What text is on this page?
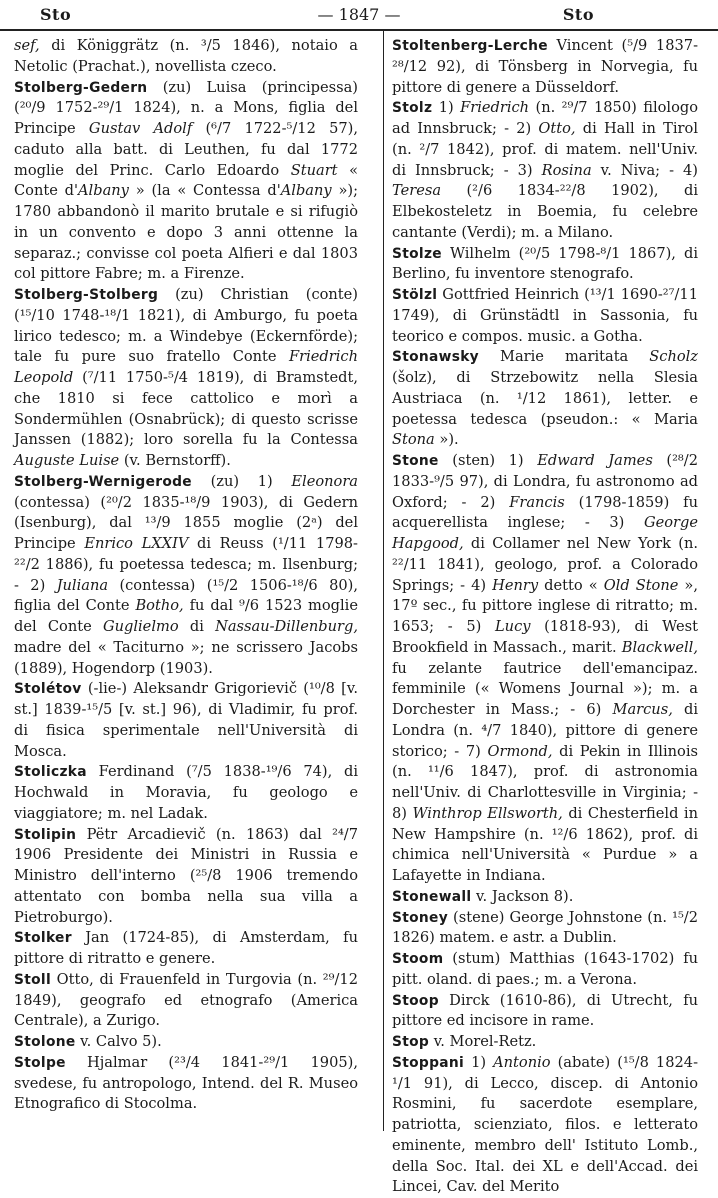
Sto	— 1847 —	Sto

sef, di Königgrätz (n. ³/5 1846), notaio a Netolic (Prachat.), novellista czeco.

Stolberg-Gedern (zu) Luisa (principessa) (²⁰/9 1752-²⁹/1 1824), n. a Mons, figlia del Principe Gustav Adolf (⁶/7 1722-⁵/12 57), caduto alla batt. di Leuthen, fu dal 1772 moglie del Princ. Carlo Edoardo Stuart « Conte d'Albany » (la « Contessa d'Albany »); 1780 abbandonò il marito brutale e si rifugiò in un convento e dopo 3 anni ottenne la separaz.; convisse col poeta Alfieri e dal 1803 col pittore Fabre; m. a Firenze.

Stolberg-Stolberg (zu) Christian (conte) (¹⁵/10 1748-¹⁸/1 1821), di Amburgo, fu poeta lirico tedesco; m. a Windebye (Eckernförde); tale fu pure suo fratello Conte Friedrich Leopold (⁷/11 1750-⁵/4 1819), di Bramstedt, che 1810 si fece cattolico e morì a Sondermühlen (Osnabrück); di questo scrisse Janssen (1882); loro sorella fu la Contessa Auguste Luise (v. Bernstorff).

Stolberg-Wernigerode (zu) 1) Eleonora (contessa) (²⁰/2 1835-¹⁸/9 1903), di Gedern (Isenburg), dal ¹³/9 1855 moglie (2ᵃ) del Principe Enrico LXXIV di Reuss (¹/11 1798-²²/2 1886), fu poetessa tedesca; m. Ilsenburg; - 2) Juliana (contessa) (¹⁵/2 1506-¹⁸/6 80), figlia del Conte Botho, fu dal ⁹/6 1523 moglie del Conte Guglielmo di Nassau-Dillenburg, madre del « Taciturno »; ne scrissero Jacobs (1889), Hogendorp (1903).

Stolétov (-lie-) Aleksandr Grigorievič (¹⁰/8 [v. st.] 1839-¹⁵/5 [v. st.] 96), di Vladimir, fu prof. di fisica sperimentale nell'Università di Mosca.

Stoliczka Ferdinand (⁷/5 1838-¹⁹/6 74), di Hochwald in Moravia, fu geologo e viaggiatore; m. nel Ladak.

Stolipin Pëtr Arcadievič (n. 1863) dal ²⁴/7 1906 Presidente dei Ministri in Russia e Ministro dell'interno (²⁵/8 1906 tremendo attentato con bomba nella sua villa a Pietroburgo).

Stolker Jan (1724-85), di Amsterdam, fu pittore di ritratto e genere.

Stoll Otto, di Frauenfeld in Turgovia (n. ²⁹/12 1849), geografo ed etnografo (America Centrale), a Zurigo.

Stolone v. Calvo 5).

Stolpe Hjalmar (²³/4 1841-²⁹/1 1905), svedese, fu antropologo, Intend. del R. Museo Etnografico di Stocolma.

Stoltenberg-Lerche Vincent (⁵/9 1837-²⁸/12 92), di Tönsberg in Norvegia, fu pittore di genere a Düsseldorf.

Stolz 1) Friedrich (n. ²⁹/7 1850) filologo ad Innsbruck; - 2) Otto, di Hall in Tirol (n. ²/7 1842), prof. di matem. nell'Univ. di Innsbruck; - 3) Rosina v. Niva; - 4) Teresa (²/6 1834-²²/8 1902), di Elbekosteletz in Boemia, fu celebre cantante (Verdi); m. a Milano.

Stolze Wilhelm (²⁰/5 1798-⁸/1 1867), di Berlino, fu inventore stenografo.

Stölzl Gottfried Heinrich (¹³/1 1690-²⁷/11 1749), di Grünstädtl in Sassonia, fu teorico e compos. music. a Gotha.

Stonawsky Marie maritata Scholz (šolz), di Strzebowitz nella Slesia Austriaca (n. ¹/12 1861), letter. e poetessa tedesca (pseudon.: « Maria Stona »).

Stone (sten) 1) Edward James (²⁸/2 1833-⁹/5 97), di Londra, fu astronomo ad Oxford; - 2) Francis (1798-1859) fu acquerellista inglese; - 3) George Hapgood, di Collamer nel New York (n. ²²/11 1841), geologo, prof. a Colorado Springs; - 4) Henry detto « Old Stone », 17º sec., fu pittore inglese di ritratto; m. 1653; - 5) Lucy (1818-93), di West Brookfield in Massach., marit. Blackwell, fu zelante fautrice dell'emancipaz. femminile (« Womens Journal »); m. a Dorchester in Mass.; - 6) Marcus, di Londra (n. ⁴/7 1840), pittore di genere storico; - 7) Ormond, di Pekin in Illinois (n. ¹¹/6 1847), prof. di astronomia nell'Univ. di Charlottesville in Virginia; - 8) Winthrop Ellsworth, di Chesterfield in New Hampshire (n. ¹²/6 1862), prof. di chimica nell'Università « Purdue » a Lafayette in Indiana.

Stonewall v. Jackson 8).

Stoney (stene) George Johnstone (n. ¹⁵/2 1826) matem. e astr. a Dublin.

Stoom (stum) Matthias (1643-1702) fu pitt. oland. di paes.; m. a Verona.

Stoop Dirck (1610-86), di Utrecht, fu pittore ed incisore in rame.

Stop v. Morel-Retz.

Stoppani 1) Antonio (abate) (¹⁵/8 1824-¹/1 91), di Lecco, discep. di Antonio Rosmini, fu sacerdote esemplare, patriotta, scienziato, filos. e letterato eminente, membro dell' Istituto Lomb., della Soc. Ital. dei XL e dell'Accad. dei Lincei, Cav. del Merito
